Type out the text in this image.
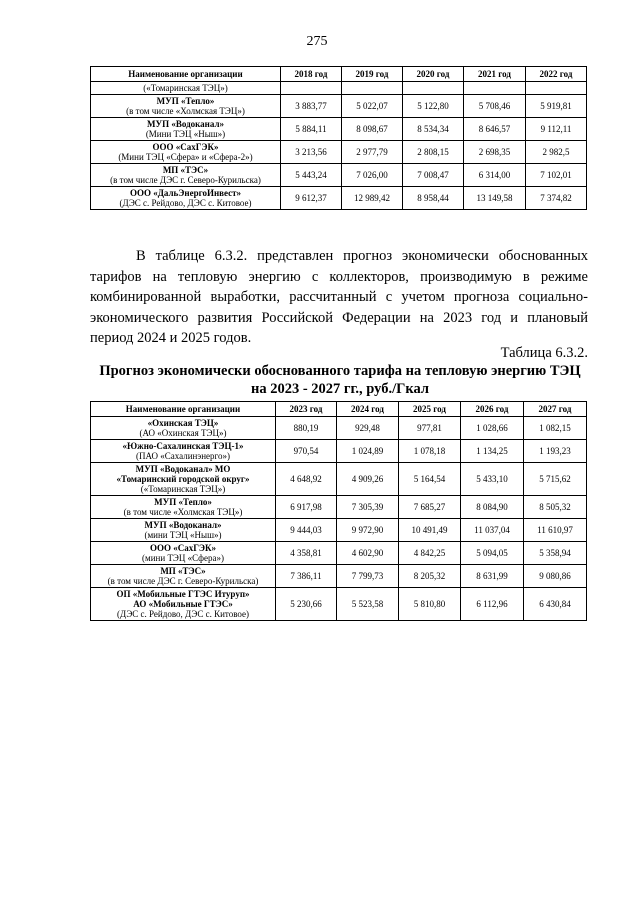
275
Наименование организации	2018 год	2019 год	2020 год	2021 год	2022 год

(«Томаринская ТЭЦ»)					

МУП «Тепло»
(в том числе «Холмская ТЭЦ»)	3 883,77	5 022,07	5 122,80	5 708,46	5 919,81

МУП «Водоканал»
(Мини ТЭЦ «Ныш»)	5 884,11	8 098,67	8 534,34	8 646,57	9 112,11

ООО «СахГЭК»
(Мини ТЭЦ «Сфера» и «Сфера-2»)	3 213,56	2 977,79	2 808,15	2 698,35	2 982,5

МП «ТЭС»
(в том числе ДЭС г. Северо-Курильска)	5 443,24	7 026,00	7 008,47	6 314,00	7 102,01

ООО «ДальЭнергоИнвест»
(ДЭС с. Рейдово, ДЭС с. Китовое)	9 612,37	12 989,42	8 958,44	13 149,58	7 374,82
В таблице 6.3.2. представлен прогноз экономически обоснованных тарифов на тепловую энергию с коллекторов, производимую в режиме комбинированной выработки, рассчитанный с учетом прогноза социально-экономического развития Российской Федерации на 2023 год и плановый период 2024 и 2025 годов.
Таблица 6.3.2.
Прогноз экономически обоснованного тарифа на тепловую энергию ТЭЦ
на 2023 - 2027 гг., руб./Гкал
Наименование организации	2023 год	2024 год	2025 год	2026 год	2027 год

«Охинская ТЭЦ»
(АО «Охинская ТЭЦ»)	880,19	929,48	977,81	1 028,66	1 082,15

«Южно-Сахалинская ТЭЦ-1»
(ПАО «Сахалинэнерго»)	970,54	1 024,89	1 078,18	1 134,25	1 193,23

МУП «Водоканал» МО
«Томаринский городской округ»
(«Томаринская ТЭЦ»)	4 648,92	4 909,26	5 164,54	5 433,10	5 715,62

МУП «Тепло»
(в том числе «Холмская ТЭЦ»)	6 917,98	7 305,39	7 685,27	8 084,90	8 505,32

МУП «Водоканал»
(мини ТЭЦ «Ныш»)	9 444,03	9 972,90	10 491,49	11 037,04	11 610,97

ООО «СахГЭК»
(мини ТЭЦ «Сфера»)	4 358,81	4 602,90	4 842,25	5 094,05	5 358,94

МП «ТЭС»
(в том числе ДЭС г. Северо-Курильска)	7 386,11	7 799,73	8 205,32	8 631,99	9 080,86

ОП «Мобильные ГТЭС Итуруп»
АО «Мобильные ГТЭС»
(ДЭС с. Рейдово, ДЭС с. Китовое)	5 230,66	5 523,58	5 810,80	6 112,96	6 430,84
